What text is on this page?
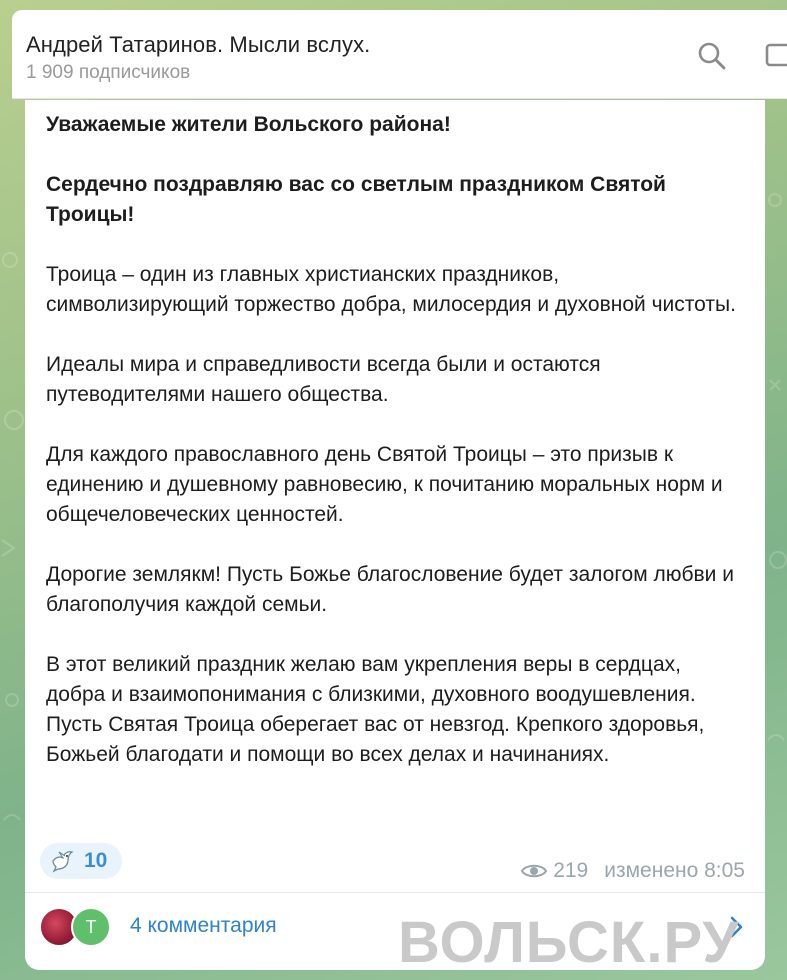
Андрей Татаринов. Мысли вслух.
1 909 подписчиков

Уважаемые жители Вольского района!

Сердечно поздравляю вас со светлым праздником Святой Троицы!

Троица – один из главных христианских праздников, символизирующий торжество добра, милосердия и духовной чистоты.

Идеалы мира и справедливости всегда были и остаются путеводителями нашего общества.

Для каждого православного день Святой Троицы – это призыв к единению и душевному равновесию, к почитанию моральных норм и общечеловеческих ценностей.

Дорогие землякм! Пусть Божье благословение будет залогом любви и благополучия каждой семьи.

В этот великий праздник желаю вам укрепления веры в сердцах, добра и взаимопонимания с близкими, духовного воодушевления. Пусть Святая Троица оберегает вас от невзгод. Крепкого здоровья, Божьей благодати и помощи во всех делах и начинаниях.

10	219 изменено 8:05
Т	4 комментария ВОЛЬСК.РУ
